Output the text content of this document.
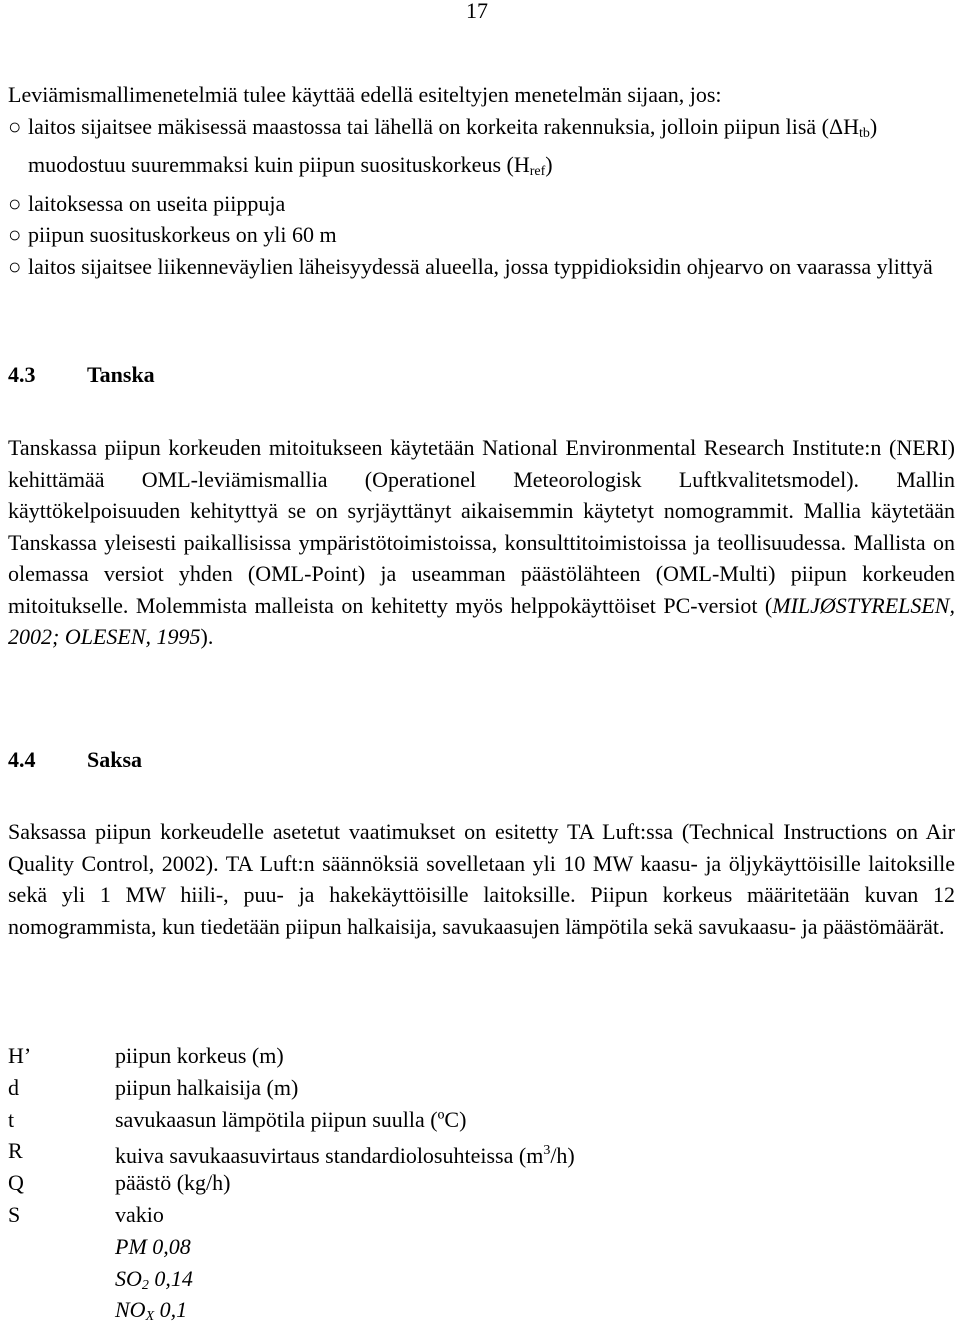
17
Leviämismallimenetelmiä tulee käyttää edellä esiteltyjen menetelmän sijaan, jos:
○ laitos sijaitsee mäkisessä maastossa tai lähellä on korkeita rakennuksia, jolloin piipun lisä $(\Delta H_{tb})$ muodostuu suuremmaksi kuin piipun suosituskorkeus $(H_{ref})$
○ laitoksessa on useita piippuja
○ piipun suosituskorkeus on yli 60 m
○ laitos sijaitsee liikenneväylien läheisyydessä alueella, jossa typpidioksidin ohjearvo on vaarassa ylittyä
4.3	Tanska
Tanskassa piipun korkeuden mitoitukseen käytetään National Environmental Research Institute:n (NERI) kehittämää OML-leviämismallia (Operationel Meteorologisk Luftkvalitetsmodel). Mallin käyttökelpoisuuden kehityttyä se on syrjäyttänyt aikaisemmin käytetyt nomogrammit. Mallia käytetään Tanskassa yleisesti paikallisissa ympäristötoimistoissa, konsulttitoimistoissa ja teollisuudessa. Mallista on olemassa versiot yhden (OML-Point) ja useamman päästölähteen (OML-Multi) piipun korkeuden mitoitukselle. Molemmista malleista on kehitetty myös helppokäyttöiset PC-versiot (MILJØSTYRELSEN, 2002; OLESEN, 1995).
4.4	Saksa
Saksassa piipun korkeudelle asetetut vaatimukset on esitetty TA Luft:ssa (Technical Instructions on Air Quality Control, 2002). TA Luft:n säännöksiä sovelletaan yli 10 MW kaasu- ja öljykäyttöisille laitoksille sekä yli 1 MW hiili-, puu- ja hakekäyttöisille laitoksille. Piipun korkeus määritetään kuvan 12 nomogrammista, kun tiedetään piipun halkaisija, savukaasujen lämpötila sekä savukaasu- ja päästömäärät.
H’	piipun korkeus (m)
d	piipun halkaisija (m)
t	savukaasun lämpötila piipun suulla (ºC)
R	kuiva savukaasuvirtaus standardiolosuhteissa $(m^3/h)$
Q	päästö (kg/h)
S	vakio
PM 0,08
$SO_2$ 0,14
$NO_X$ 0,1
